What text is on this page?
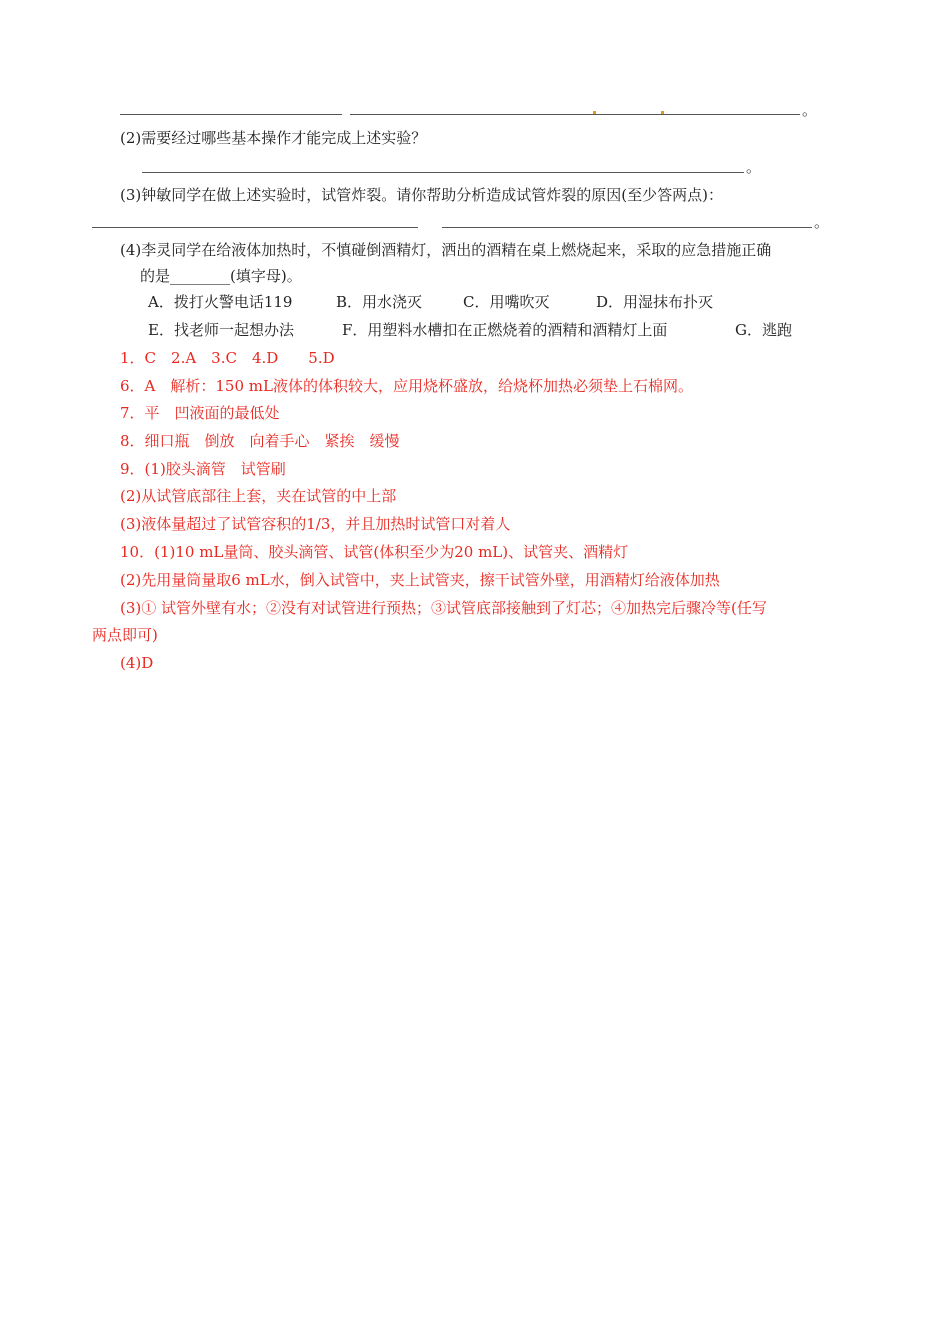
。
(2)需要经过哪些基本操作才能完成上述实验？
。
(3)钟敏同学在做上述实验时，试管炸裂。请你帮助分析造成试管炸裂的原因(至少答两点)：
。
(4)李灵同学在给液体加热时，不慎碰倒酒精灯，洒出的酒精在桌上燃烧起来，采取的应急措施正确
的是________(填字母)。
A．拨打火警电话119	B．用水浇灭	C．用嘴吹灭	D．用湿抹布扑灭
E．找老师一起想办法	F．用塑料水槽扣在正燃烧着的酒精和酒精灯上面	G．逃跑
1．C　2.A　3.C　4.D　　5.D
6．A　解析：150 mL液体的体积较大，应用烧杯盛放，给烧杯加热必须垫上石棉网。
7．平　凹液面的最低处
8．细口瓶　倒放　向着手心　紧挨　缓慢
9．(1)胶头滴管　试管刷
(2)从试管底部往上套，夹在试管的中上部
(3)液体量超过了试管容积的1/3，并且加热时试管口对着人
10．(1)10 mL量筒、胶头滴管、试管(体积至少为20 mL)、试管夹、酒精灯
(2)先用量筒量取6 mL水，倒入试管中，夹上试管夹，擦干试管外壁，用酒精灯给液体加热
(3)① 试管外壁有水；②没有对试管进行预热；③试管底部接触到了灯芯；④加热完后骤冷等(任写
两点即可)
(4)D
